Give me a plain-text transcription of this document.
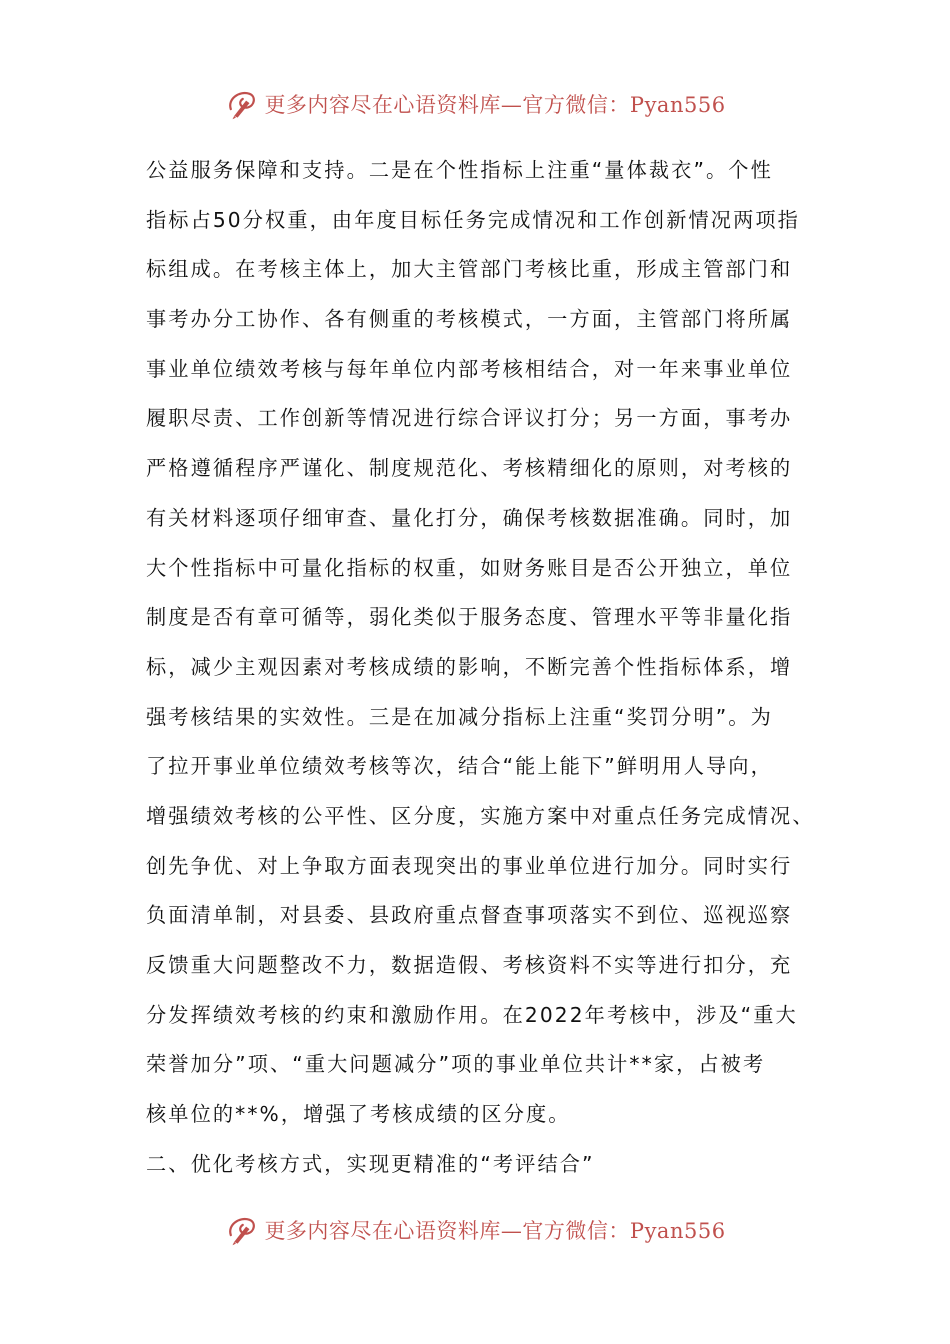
更多内容尽在心语资料库—官方微信：Pyan556
公益服务保障和支持。二是在个性指标上注重“量体裁衣”。个性
指标占50分权重，由年度目标任务完成情况和工作创新情况两项指
标组成。在考核主体上，加大主管部门考核比重，形成主管部门和
事考办分工协作、各有侧重的考核模式，一方面，主管部门将所属
事业单位绩效考核与每年单位内部考核相结合，对一年来事业单位
履职尽责、工作创新等情况进行综合评议打分；另一方面，事考办
严格遵循程序严谨化、制度规范化、考核精细化的原则，对考核的
有关材料逐项仔细审查、量化打分，确保考核数据准确。同时，加
大个性指标中可量化指标的权重，如财务账目是否公开独立，单位
制度是否有章可循等，弱化类似于服务态度、管理水平等非量化指
标，减少主观因素对考核成绩的影响，不断完善个性指标体系，增
强考核结果的实效性。三是在加减分指标上注重“奖罚分明”。为
了拉开事业单位绩效考核等次，结合“能上能下”鲜明用人导向，
增强绩效考核的公平性、区分度，实施方案中对重点任务完成情况、
创先争优、对上争取方面表现突出的事业单位进行加分。同时实行
负面清单制，对县委、县政府重点督查事项落实不到位、巡视巡察
反馈重大问题整改不力，数据造假、考核资料不实等进行扣分，充
分发挥绩效考核的约束和激励作用。在2022年考核中，涉及“重大
荣誉加分”项、“重大问题减分”项的事业单位共计**家，占被考
核单位的**%，增强了考核成绩的区分度。
二、优化考核方式，实现更精准的“考评结合”
更多内容尽在心语资料库—官方微信：Pyan556
